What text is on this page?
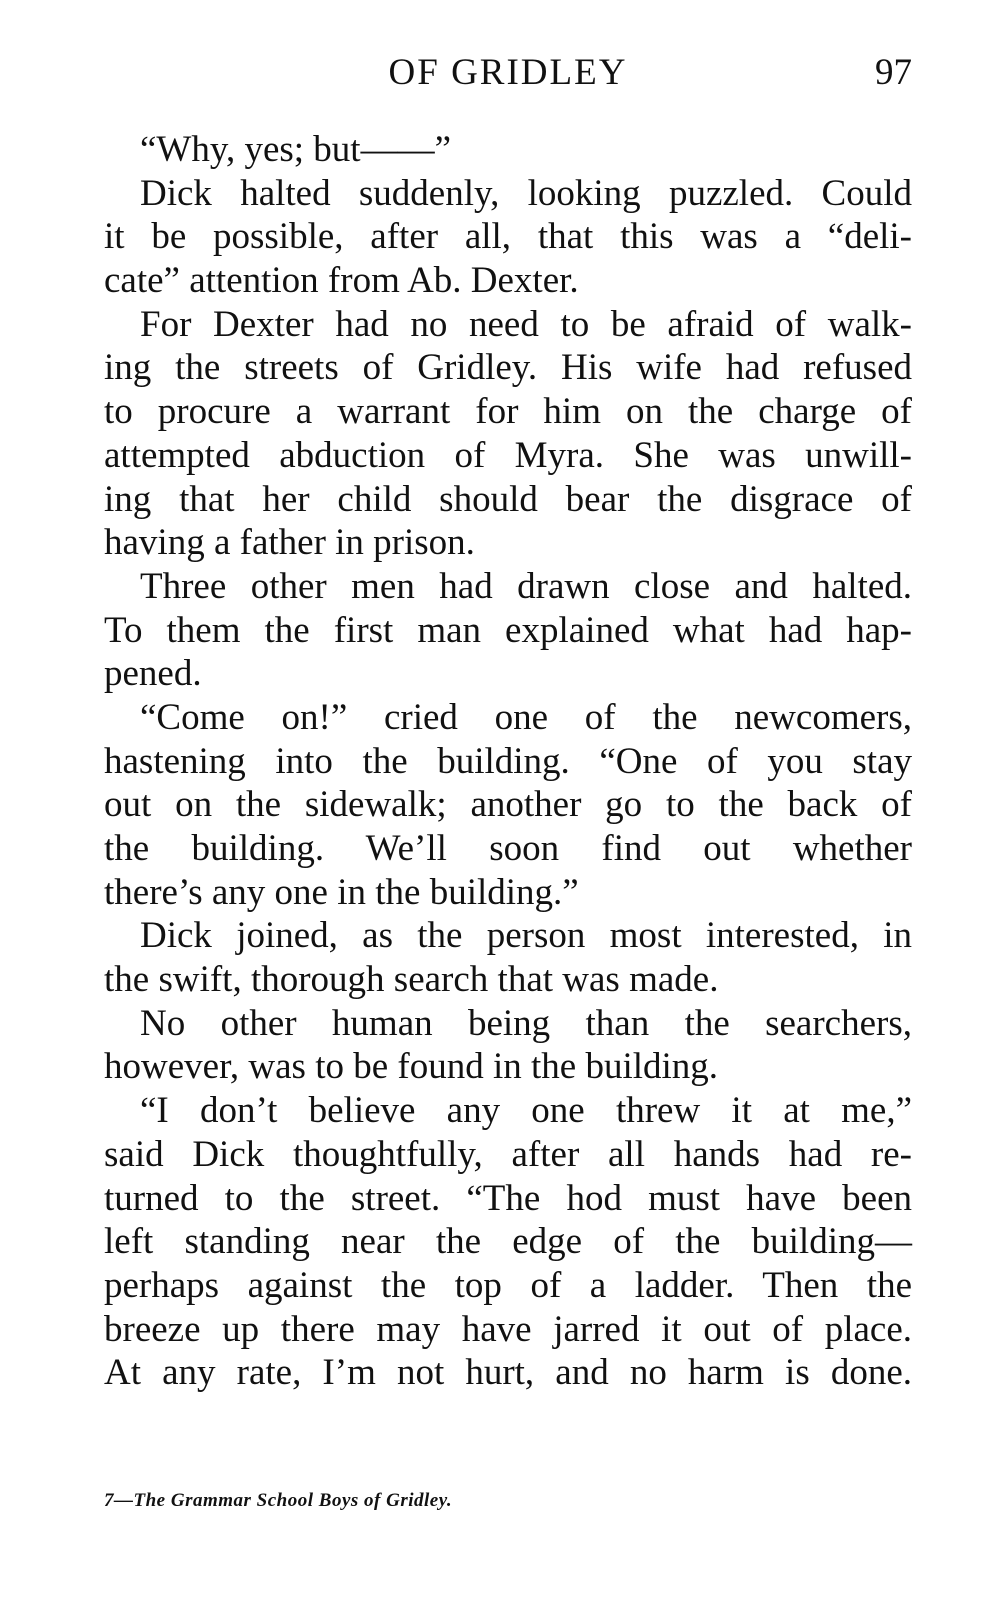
OF GRIDLEY	97
“Why, yes; but——”
Dick halted suddenly, looking puzzled. Could
it be possible, after all, that this was a “deli-
cate” attention from Ab. Dexter.
For Dexter had no need to be afraid of walk-
ing the streets of Gridley. His wife had refused
to procure a warrant for him on the charge of
attempted abduction of Myra. She was unwill-
ing that her child should bear the disgrace of
having a father in prison.
Three other men had drawn close and halted.
To them the first man explained what had hap-
pened.
“Come on!” cried one of the newcomers,
hastening into the building. “One of you stay
out on the sidewalk; another go to the back of
the building. We’ll soon find out whether
there’s any one in the building.”
Dick joined, as the person most interested, in
the swift, thorough search that was made.
No other human being than the searchers,
however, was to be found in the building.
“I don’t believe any one threw it at me,”
said Dick thoughtfully, after all hands had re-
turned to the street. “The hod must have been
left standing near the edge of the building—
perhaps against the top of a ladder. Then the
breeze up there may have jarred it out of place.
At any rate, I’m not hurt, and no harm is done.
7—The Grammar School Boys of Gridley.
